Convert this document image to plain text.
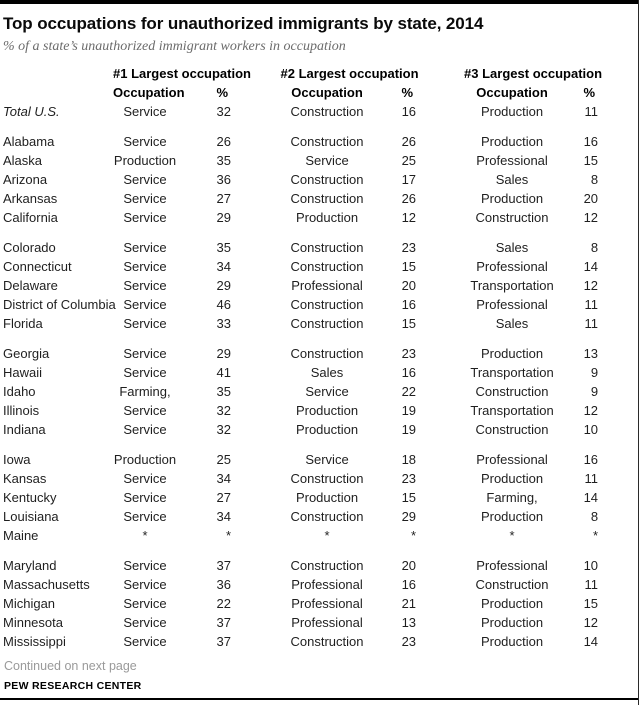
Top occupations for unauthorized immigrants by state, 2014
% of a state’s unauthorized immigrant workers in occupation
	#1 Largest occupation			#2 Largest occupation			#3 Largest occupation	
	Occupation	%		Occupation	%		Occupation	%
Total U.S.	Service	32		Construction	16		Production	11
Alabama	Service	26		Construction	26		Production	16
Alaska	Production	35		Service	25		Professional	15
Arizona	Service	36		Construction	17		Sales	8
Arkansas	Service	27		Construction	26		Production	20
California	Service	29		Production	12		Construction	12
Colorado	Service	35		Construction	23		Sales	8
Connecticut	Service	34		Construction	15		Professional	14
Delaware	Service	29		Professional	20		Transportation	12
District of Columbia	Service	46		Construction	16		Professional	11
Florida	Service	33		Construction	15		Sales	11
Georgia	Service	29		Construction	23		Production	13
Hawaii	Service	41		Sales	16		Transportation	9
Idaho	Farming,	35		Service	22		Construction	9
Illinois	Service	32		Production	19		Transportation	12
Indiana	Service	32		Production	19		Construction	10
Iowa	Production	25		Service	18		Professional	16
Kansas	Service	34		Construction	23		Production	11
Kentucky	Service	27		Production	15		Farming,	14
Louisiana	Service	34		Construction	29		Production	8
Maine	*	*		*	*		*	*
Maryland	Service	37		Construction	20		Professional	10
Massachusetts	Service	36		Professional	16		Construction	11
Michigan	Service	22		Professional	21		Production	15
Minnesota	Service	37		Professional	13		Production	12
Mississippi	Service	37		Construction	23		Production	14
Continued on next page
PEW RESEARCH CENTER
